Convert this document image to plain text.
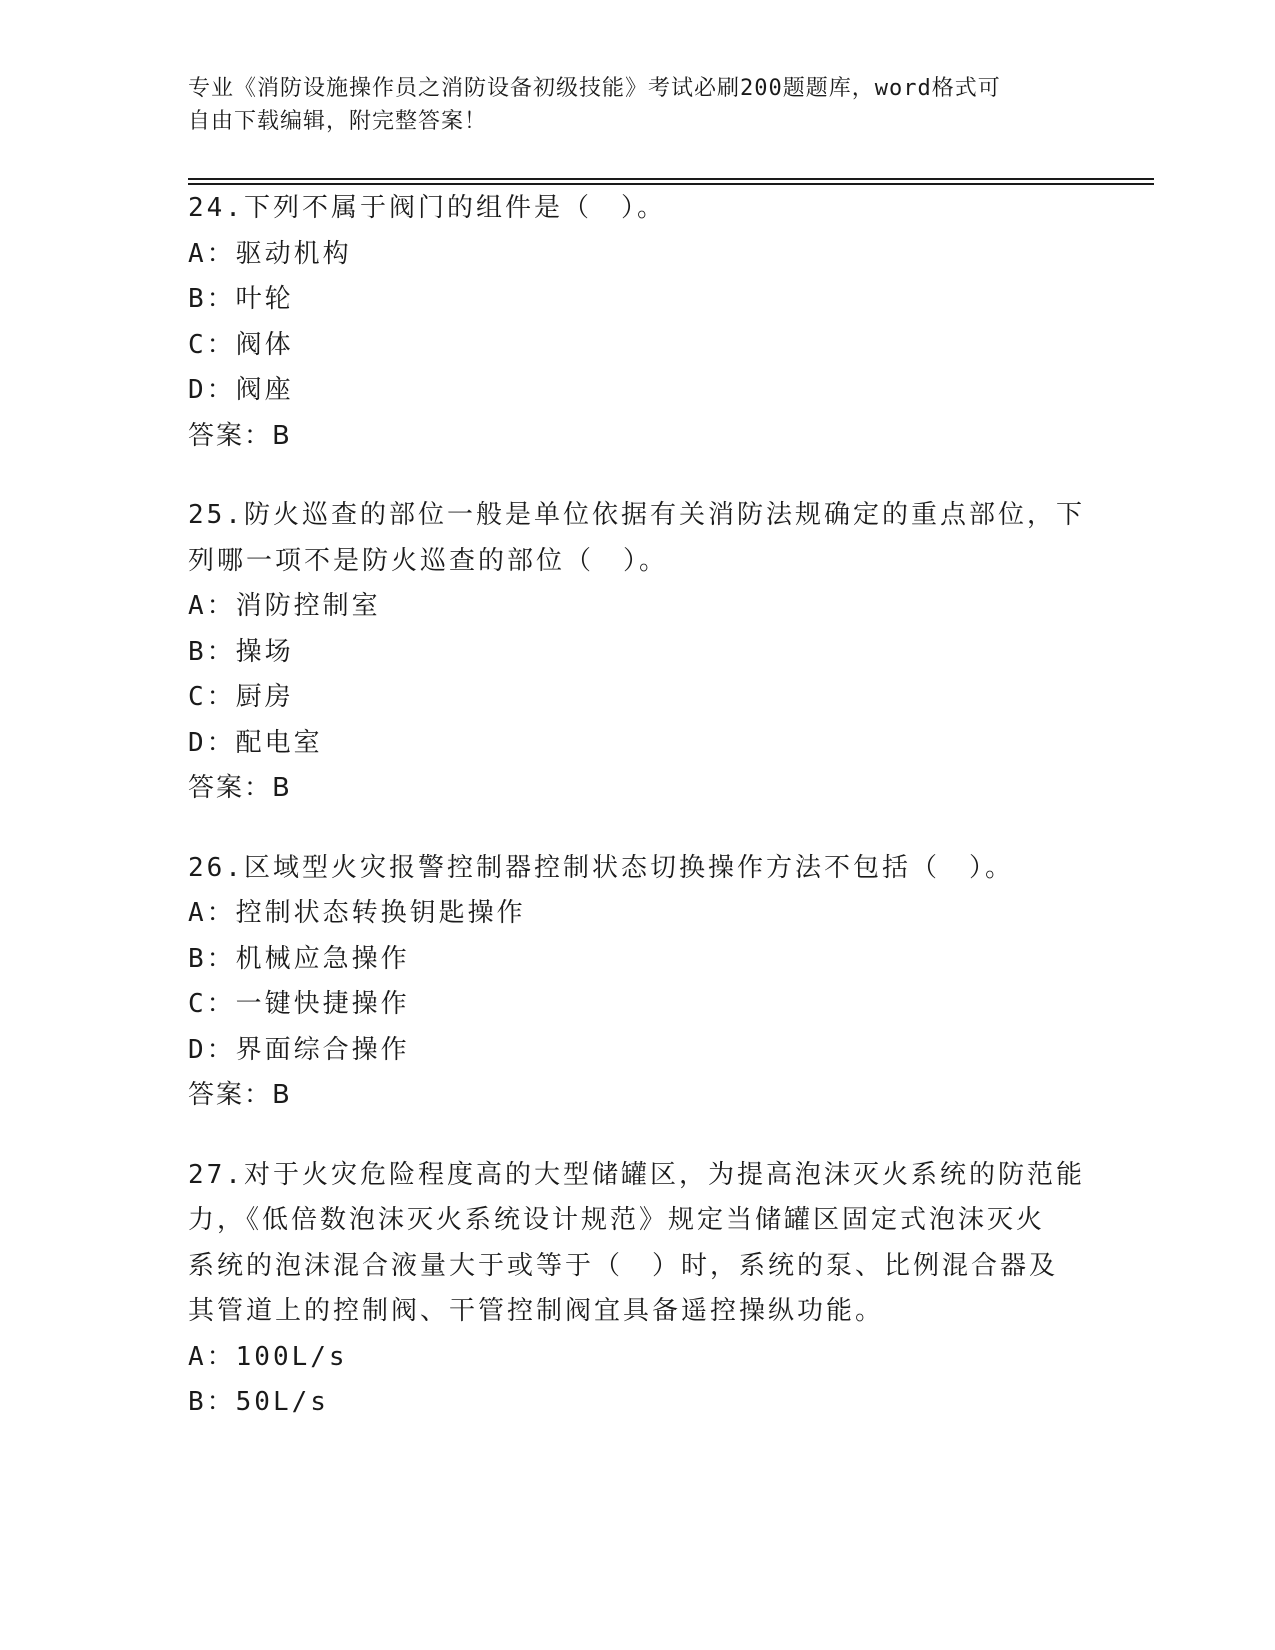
专业《消防设施操作员之消防设备初级技能》考试必刷200题题库，word格式可
自由下载编辑，附完整答案！

24.下列不属于阀门的组件是（　）。

A：驱动机构

B：叶轮

C：阀体

D：阀座

答案：B

25.防火巡查的部位一般是单位依据有关消防法规确定的重点部位，下

列哪一项不是防火巡查的部位（　）。

A：消防控制室

B：操场

C：厨房

D：配电室

答案：B

26.区域型火灾报警控制器控制状态切换操作方法不包括（　）。

A：控制状态转换钥匙操作

B：机械应急操作

C：一键快捷操作

D：界面综合操作

答案：B

27.对于火灾危险程度高的大型储罐区，为提高泡沫灭火系统的防范能

力，《低倍数泡沫灭火系统设计规范》规定当储罐区固定式泡沫灭火

系统的泡沫混合液量大于或等于（　）时，系统的泵、比例混合器及

其管道上的控制阀、干管控制阀宜具备遥控操纵功能。

A：100L/s

B：50L/s
